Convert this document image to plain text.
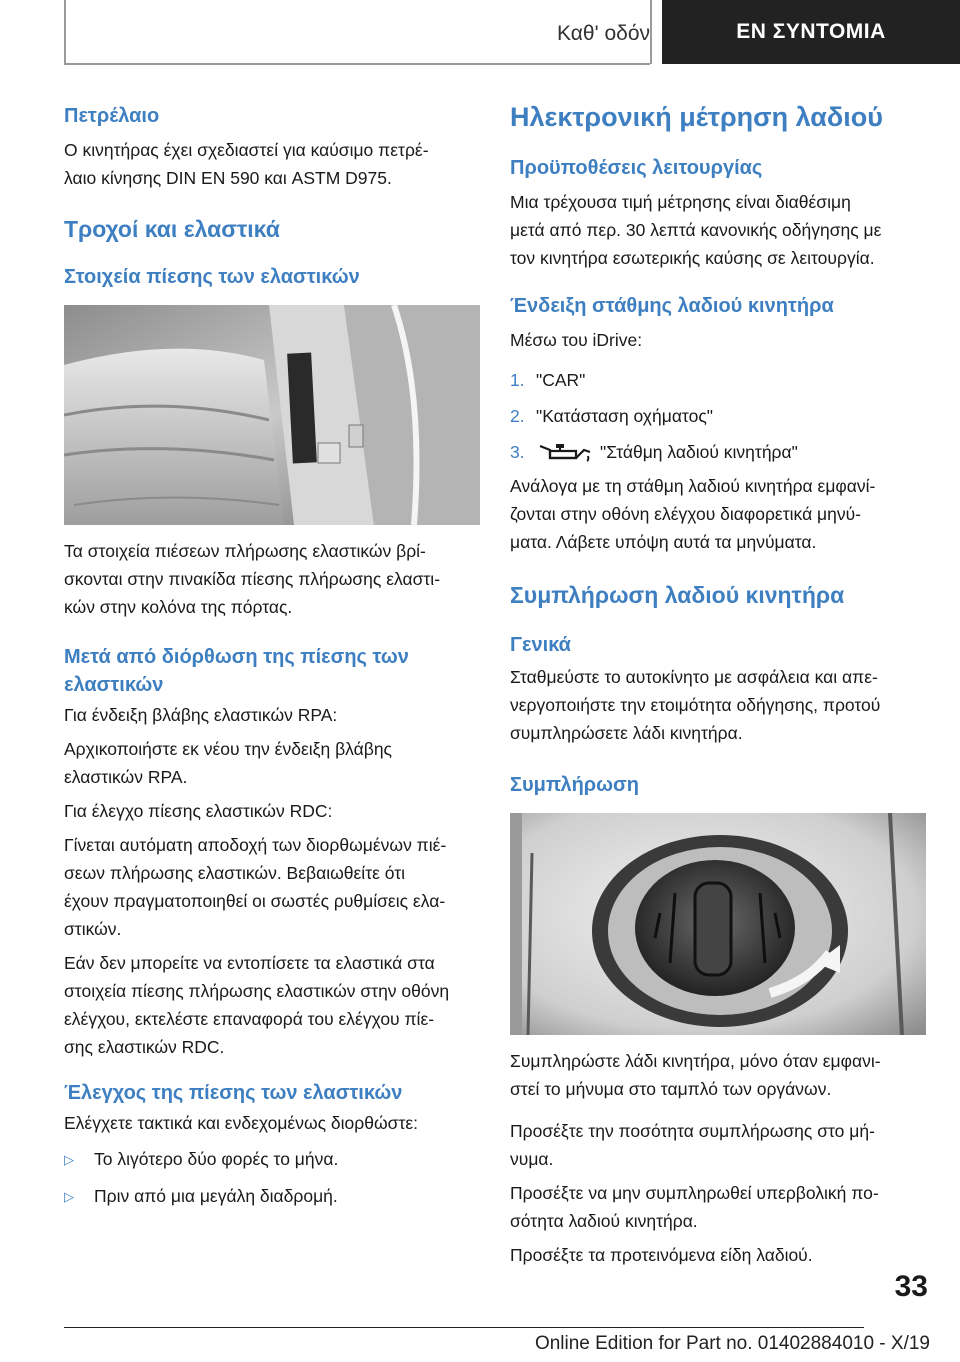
Καθ' οδόν	ΕΝ ΣΥΝΤΟΜΙΑ
Πετρέλαιο

Ο κινητήρας έχει σχεδιαστεί για καύσιμο πετρέ-

λαιο κίνησης DIN EN 590 και ASTM D975.

Τροχοί και ελαστικά
Στοιχεία πίεσης των ελαστικών

Τα στοιχεία πιέσεων πλήρωσης ελαστικών βρί-

σκονται στην πινακίδα πίεσης πλήρωσης ελαστι-

κών στην κολόνα της πόρτας.

Μετά από διόρθωση της πίεσης των
ελαστικών

Για ένδειξη βλάβης ελαστικών RPA:

Αρχικοποιήστε εκ νέου την ένδειξη βλάβης

ελαστικών RPA.

Για έλεγχο πίεσης ελαστικών RDC:

Γίνεται αυτόματη αποδοχή των διορθωμένων πιέ-

σεων πλήρωσης ελαστικών. Βεβαιωθείτε ότι

έχουν πραγματοποιηθεί οι σωστές ρυθμίσεις ελα-

στικών.

Εάν δεν μπορείτε να εντοπίσετε τα ελαστικά στα

στοιχεία πίεσης πλήρωσης ελαστικών στην οθόνη

ελέγχου, εκτελέστε επαναφορά του ελέγχου πίε-

σης ελαστικών RDC.

Έλεγχος της πίεσης των ελαστικών

Ελέγχετε τακτικά και ενδεχομένως διορθώστε:

▷	Το λιγότερο δύο φορές το μήνα.
▷	Πριν από μια μεγάλη διαδρομή.
Ηλεκτρονική μέτρηση λαδιού
Προϋποθέσεις λειτουργίας

Μια τρέχουσα τιμή μέτρησης είναι διαθέσιμη

μετά από περ. 30 λεπτά κανονικής οδήγησης με

τον κινητήρα εσωτερικής καύσης σε λειτουργία.

Ένδειξη στάθμης λαδιού κινητήρα

Μέσω του iDrive:

1. "CAR"
2. "Κατάσταση οχήματος"
3.	"Στάθμη λαδιού κινητήρα"

Ανάλογα με τη στάθμη λαδιού κινητήρα εμφανί-

ζονται στην οθόνη ελέγχου διαφορετικά μηνύ-

ματα. Λάβετε υπόψη αυτά τα μηνύματα.

Συμπλήρωση λαδιού κινητήρα
Γενικά

Σταθμεύστε το αυτοκίνητο με ασφάλεια και απε-

νεργοποιήστε την ετοιμότητα οδήγησης, προτού

συμπληρώσετε λάδι κινητήρα.

Συμπλήρωση

Συμπληρώστε λάδι κινητήρα, μόνο όταν εμφανι-

στεί το μήνυμα στο ταμπλό των οργάνων.

Προσέξτε την ποσότητα συμπλήρωσης στο μή-

νυμα.

Προσέξτε να μην συμπληρωθεί υπερβολική πο-

σότητα λαδιού κινητήρα.

Προσέξτε τα προτεινόμενα είδη λαδιού.

33
Online Edition for Part no. 01402884010 - X/19
